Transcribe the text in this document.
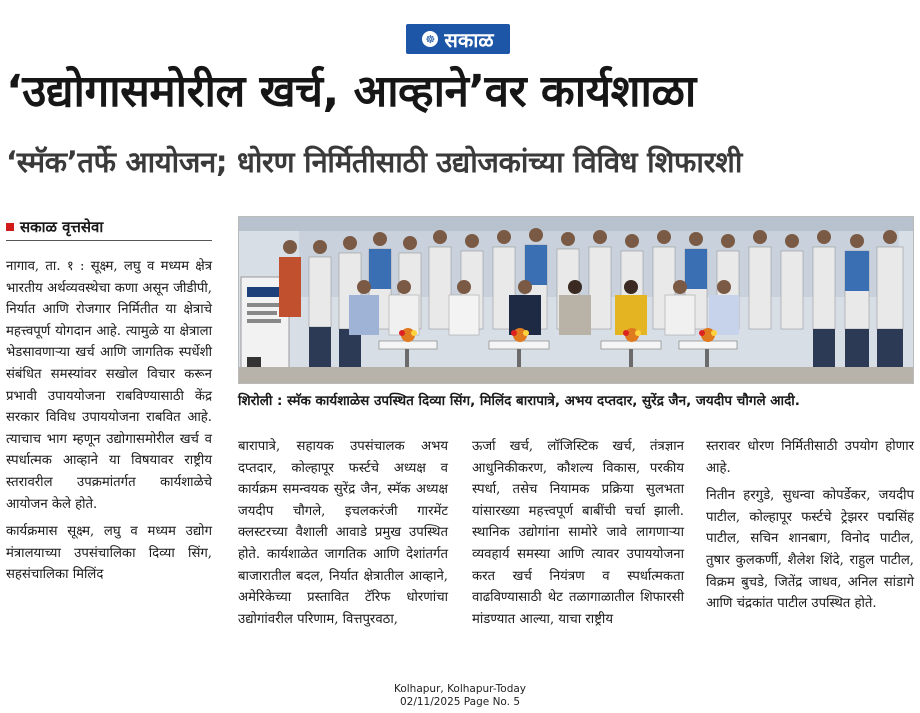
☸ सकाळ
‘उद्योगासमोरील खर्च, आव्हाने’वर कार्यशाळा
‘स्मॅक’तर्फे आयोजन; धोरण निर्मितीसाठी उद्योजकांच्या विविध शिफारशी
सकाळ वृत्तसेवा

नागाव, ता. १ : सूक्ष्म, लघु व मध्यम क्षेत्र भारतीय अर्थव्यवस्थेचा कणा असून जीडीपी, निर्यात आणि रोजगार निर्मितीत या क्षेत्राचे महत्त्वपूर्ण योगदान आहे. त्यामुळे या क्षेत्राला भेडसावणाऱ्या खर्च आणि जागतिक स्पर्धेशी संबंधित समस्यांवर सखोल विचार करून प्रभावी उपाययोजना राबविण्यासाठी केंद्र सरकार विविध उपाययोजना राबवित आहे. त्याचाच भाग म्हणून उद्योगासमोरील खर्च व स्पर्धात्मक आव्हाने या विषयावर राष्ट्रीय स्तरावरील उपक्रमांतर्गत कार्यशाळेचे आयोजन केले होते.

कार्यक्रमास सूक्ष्म, लघु व मध्यम उद्योग मंत्रालयाच्या उपसंचालिका दिव्या सिंग, सहसंचालिका मिलिंद

शिरोली : स्मॅक कार्यशाळेस उपस्थित दिव्या सिंग, मिलिंद बारापात्रे, अभय दप्तदार, सुरेंद्र जैन, जयदीप चौगले आदी.

बारापात्रे, सहायक उपसंचालक अभय दप्तदार, कोल्हापूर फर्स्टचे अध्यक्ष व कार्यक्रम समन्वयक सुरेंद्र जैन, स्मॅक अध्यक्ष जयदीप चौगले, इचलकरंजी गारमेंट क्लस्टरच्या वैशाली आवाडे प्रमुख उपस्थित होते. कार्यशाळेत जागतिक आणि देशांतर्गत बाजारातील बदल, निर्यात क्षेत्रातील आव्हाने, अमेरिकेच्या प्रस्तावित टॅरिफ धोरणांचा उद्योगांवरील परिणाम, वित्तपुरवठा,

ऊर्जा खर्च, लॉजिस्टिक खर्च, तंत्रज्ञान आधुनिकीकरण, कौशल्य विकास, परकीय स्पर्धा, तसेच नियामक प्रक्रिया सुलभता यांसारख्या महत्त्वपूर्ण बाबींची चर्चा झाली. स्थानिक उद्योगांना सामोरे जावे लागणाऱ्या व्यवहार्य समस्या आणि त्यावर उपाययोजना करत खर्च नियंत्रण व स्पर्धात्मकता वाढविण्यासाठी थेट तळागाळातील शिफारसी मांडण्यात आल्या, याचा राष्ट्रीय

स्तरावर धोरण निर्मितीसाठी उपयोग होणार आहे.

नितीन हरगुडे, सुधन्वा कोपर्डेकर, जयदीप पाटील, कोल्हापूर फर्स्टचे ट्रेझरर पद्मसिंह पाटील, सचिन शानबाग, विनोद पाटील, तुषार कुलकर्णी, शैलेश शिंदे, राहुल पाटील, विक्रम बुचडे, जितेंद्र जाधव, अनिल सांडागे आणि चंद्रकांत पाटील उपस्थित होते.

Kolhapur, Kolhapur-Today
02/11/2025 Page No. 5
